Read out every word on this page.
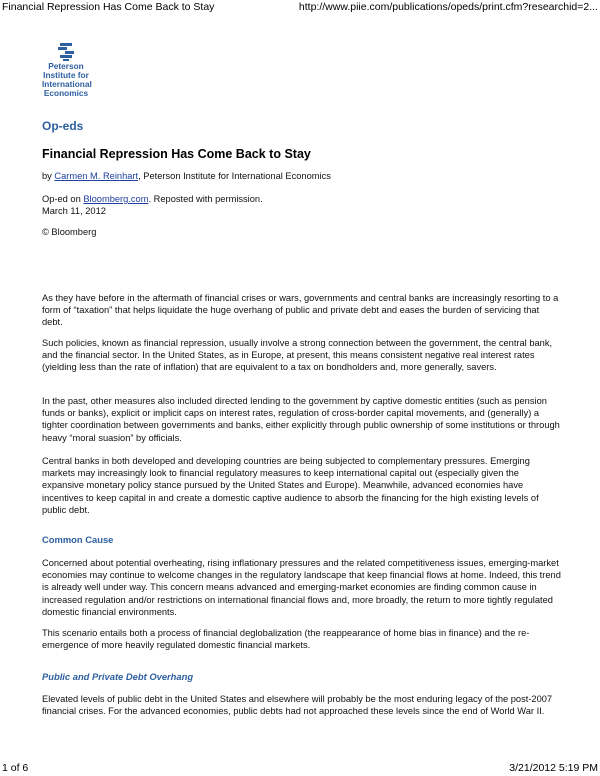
Financial Repression Has Come Back to Stay	http://www.piie.com/publications/opeds/print.cfm?researchid=2...
Peterson
Institute for
International
Economics
Op-eds
Financial Repression Has Come Back to Stay
by Carmen M. Reinhart, Peterson Institute for International Economics
Op-ed on Bloomberg.com. Reposted with permission.
March 11, 2012
© Bloomberg

As they have before in the aftermath of financial crises or wars, governments and central banks are increasingly resorting to a form of “taxation” that helps liquidate the huge overhang of public and private debt and eases the burden of servicing that debt.

Such policies, known as financial repression, usually involve a strong connection between the government, the central bank, and the financial sector. In the United States, as in Europe, at present, this means consistent negative real interest rates (yielding less than the rate of inflation) that are equivalent to a tax on bondholders and, more generally, savers.

In the past, other measures also included directed lending to the government by captive domestic entities (such as pension funds or banks), explicit or implicit caps on interest rates, regulation of cross-border capital movements, and (generally) a tighter coordination between governments and banks, either explicitly through public ownership of some institutions or through heavy “moral suasion” by officials.

Central banks in both developed and developing countries are being subjected to complementary pressures. Emerging markets may increasingly look to financial regulatory measures to keep international capital out (especially given the expansive monetary policy stance pursued by the United States and Europe). Meanwhile, advanced economies have incentives to keep capital in and create a domestic captive audience to absorb the financing for the high existing levels of public debt.

Common Cause

Concerned about potential overheating, rising inflationary pressures and the related competitiveness issues, emerging-market economies may continue to welcome changes in the regulatory landscape that keep financial flows at home. Indeed, this trend is already well under way. This concern means advanced and emerging-market economies are finding common cause in increased regulation and/or restrictions on international financial flows and, more broadly, the return to more tightly regulated domestic financial environments.

This scenario entails both a process of financial deglobalization (the reappearance of home bias in finance) and the re-emergence of more heavily regulated domestic financial markets.

Public and Private Debt Overhang

Elevated levels of public debt in the United States and elsewhere will probably be the most enduring legacy of the post-2007 financial crises. For the advanced economies, public debts had not approached these levels since the end of World War II.

1 of 6	3/21/2012 5:19 PM
